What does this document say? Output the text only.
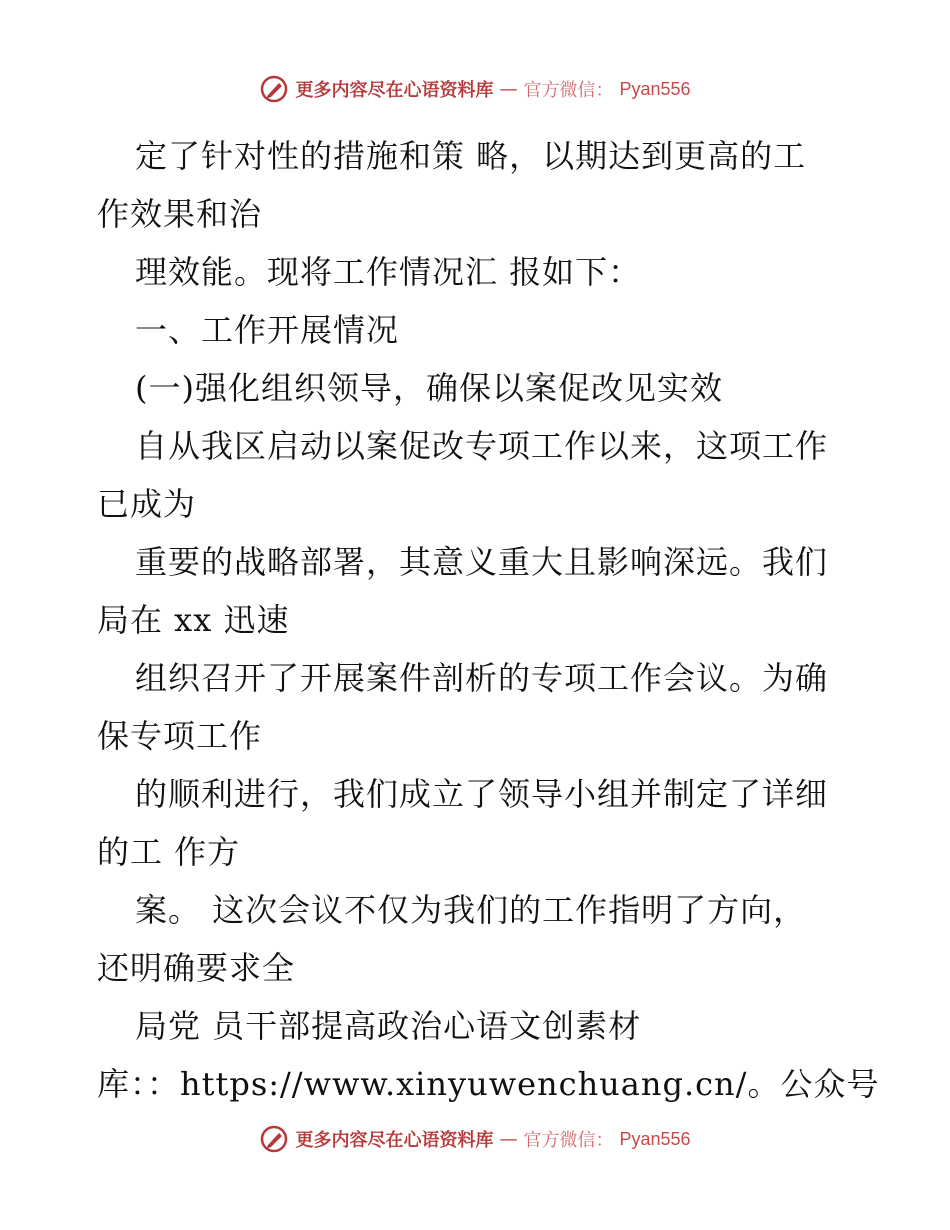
更多内容尽在心语资料库 — 官方微信： Pyan556
定了针对性的措施和策 略，以期达到更高的工
作效果和治
理效能。现将工作情况汇 报如下：
一、工作开展情况
(一)强化组织领导，确保以案促改见实效
自从我区启动以案促改专项工作以来，这项工作
已成为
重要的战略部署，其意义重大且影响深远。我们
局在 xx 迅速
组织召开了开展案件剖析的专项工作会议。为确
保专项工作
的顺利进行，我们成立了领导小组并制定了详细
的工 作方
案。 这次会议不仅为我们的工作指明了方向，
还明确要求全
局党 员干部提高政治心语文创素材
库：：https://www.xinyuwenchuang.cn/。公众号
更多内容尽在心语资料库 — 官方微信： Pyan556
